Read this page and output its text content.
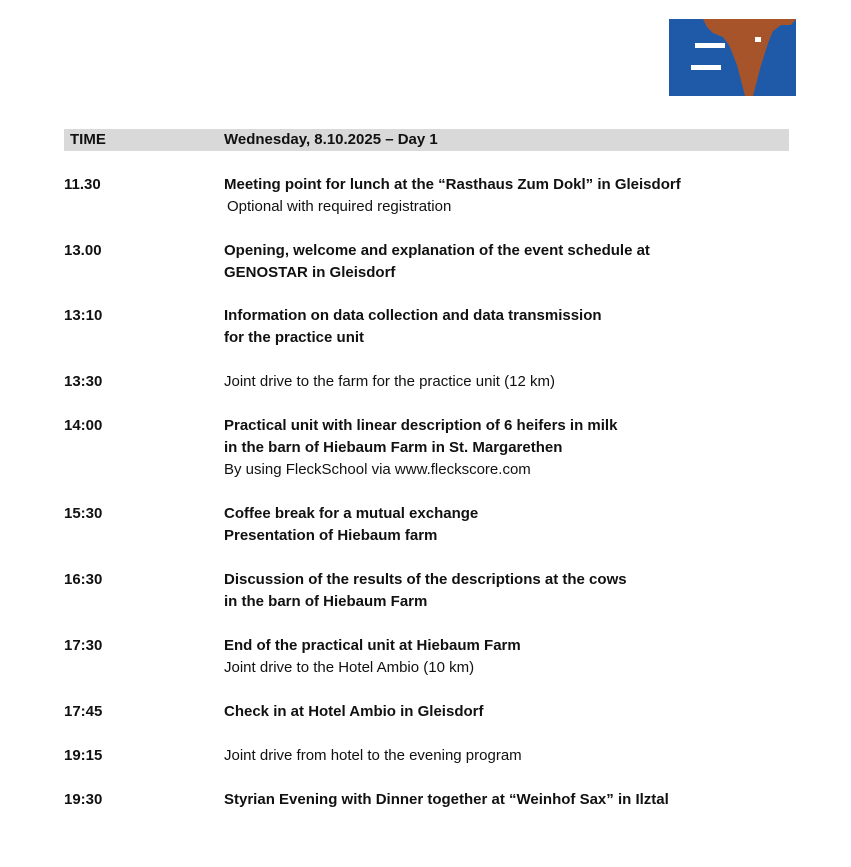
TIME	Wednesday, 8.10.2025 – Day 1
11.30	Meeting point for lunch at the “Rasthaus Zum Dokl” in Gleisdorf
Optional with required registration
13.00	Opening, welcome and explanation of the event schedule at
GENOSTAR in Gleisdorf
13:10	Information on data collection and data transmission
for the practice unit
13:30	Joint drive to the farm for the practice unit (12 km)
14:00	Practical unit with linear description of 6 heifers in milk
in the barn of Hiebaum Farm in St. Margarethen
By using FleckSchool via www.fleckscore.com
15:30	Coffee break for a mutual exchange
Presentation of Hiebaum farm
16:30	Discussion of the results of the descriptions at the cows
in the barn of Hiebaum Farm
17:30	End of the practical unit at Hiebaum Farm
Joint drive to the Hotel Ambio (10 km)
17:45	Check in at Hotel Ambio in Gleisdorf
19:15	Joint drive from hotel to the evening program
19:30	Styrian Evening with Dinner together at “Weinhof Sax” in Ilztal
